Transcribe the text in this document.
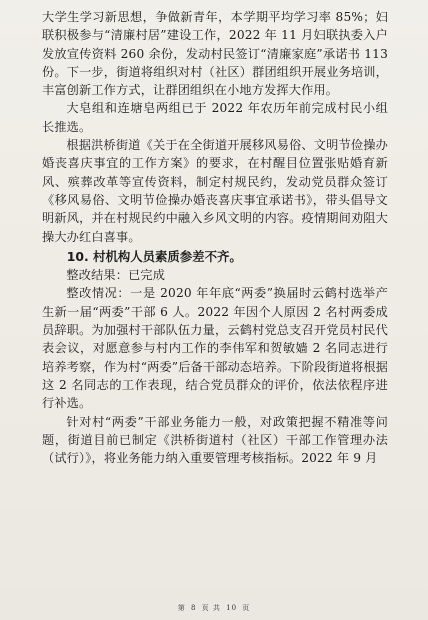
大学生学习新思想，争做新青年，本学期平均学习率 85%；妇联积极参与“清廉村居”建设工作，2022 年 11 月妇联执委入户发放宣传资料 260 余份，发动村民签订“清廉家庭”承诺书 113 份。下一步，街道将组织对村（社区）群团组织开展业务培训，丰富创新工作方式，让群团组织在小地方发挥大作用。

大皂组和连塘皂两组已于 2022 年农历年前完成村民小组长推选。

根据洪桥街道《关于在全街道开展移风易俗、文明节俭操办婚丧喜庆事宜的工作方案》的要求，在村醒目位置张贴婚育新风、殡葬改革等宣传资料，制定村规民约，发动党员群众签订《移风易俗、文明节俭操办婚丧喜庆事宜承诺书》，带头倡导文明新风，并在村规民约中融入乡风文明的内容。疫情期间劝阻大操大办红白喜事。

10. 村机构人员素质参差不齐。

整改结果：已完成

整改情况：一是 2020 年年底“两委”换届时云鹤村选举产生新一届“两委”干部 6 人。2022 年因个人原因 2 名村两委成员辞职。为加强村干部队伍力量，云鹤村党总支召开党员村民代表会议，对愿意参与村内工作的李伟军和贺敏嫱 2 名同志进行培养考察，作为村“两委”后备干部动态培养。下阶段街道将根据这 2 名同志的工作表现，结合党员群众的评价，依法依程序进行补选。

针对村“两委”干部业务能力一般，对政策把握不精准等问题，街道目前已制定《洪桥街道村（社区）干部工作管理办法（试行）》，将业务能力纳入重要管理考核指标。2022 年 9 月

第 8 页 共 10 页
